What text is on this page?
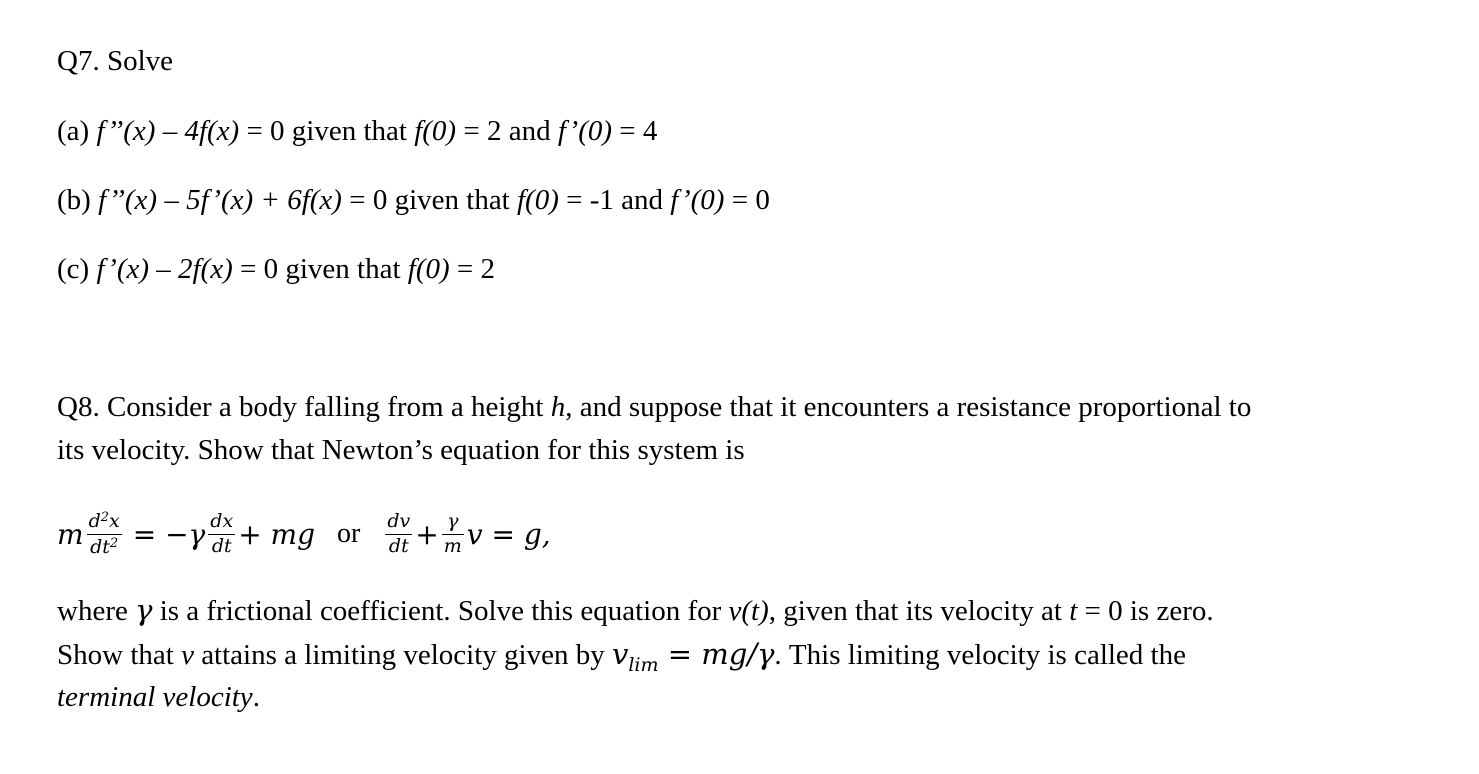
Q7. Solve
(a) f’’(x) – 4f(x) = 0 given that f(0) = 2 and f’(0) = 4
(b) f’’(x) – 5f’(x) + 6f(x) = 0 given that f(0) = -1 and f’(0) = 0
(c) f’(x) – 2f(x) = 0 given that f(0) = 2
Q8. Consider a body falling from a height h, and suppose that it encounters a resistance proportional to
its velocity. Show that Newton’s equation for this system is
m $\frac{d^2x}{dt^2} = -\gamma \frac{dx}{dt}$ + mg or $\frac{dv}{dt} + \frac{\gamma}{m}$ v = g,
where γ is a frictional coefficient. Solve this equation for v(t), given that its velocity at t = 0 is zero.
Show that v attains a limiting velocity given by $v_{lim} = mg/\gamma$. This limiting velocity is called the
terminal velocity.
